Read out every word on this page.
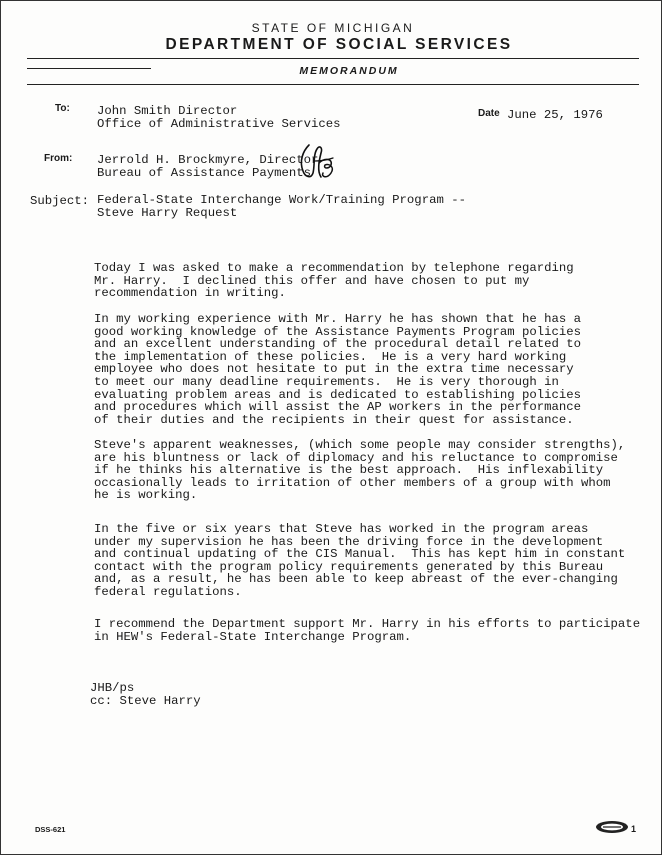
STATE OF MICHIGAN
DEPARTMENT OF SOCIAL SERVICES
MEMORANDUM
To: John Smith Director
Office of Administrative Services
Date June 25, 1976
From: Jerrold H. Brockmyre, Director
Bureau of Assistance Payments
Subject: Federal-State Interchange Work/Training Program --
Steve Harry Request
Today I was asked to make a recommendation by telephone regarding
Mr. Harry.  I declined this offer and have chosen to put my
recommendation in writing.
In my working experience with Mr. Harry he has shown that he has a
good working knowledge of the Assistance Payments Program policies
and an excellent understanding of the procedural detail related to
the implementation of these policies.  He is a very hard working
employee who does not hesitate to put in the extra time necessary
to meet our many deadline requirements.  He is very thorough in
evaluating problem areas and is dedicated to establishing policies
and procedures which will assist the AP workers in the performance
of their duties and the recipients in their quest for assistance.
Steve's apparent weaknesses, (which some people may consider strengths),
are his bluntness or lack of diplomacy and his reluctance to compromise
if he thinks his alternative is the best approach.  His inflexability
occasionally leads to irritation of other members of a group with whom
he is working.
In the five or six years that Steve has worked in the program areas
under my supervision he has been the driving force in the development
and continual updating of the CIS Manual.  This has kept him in constant
contact with the program policy requirements generated by this Bureau
and, as a result, he has been able to keep abreast of the ever-changing
federal regulations.
I recommend the Department support Mr. Harry in his efforts to participate
in HEW's Federal-State Interchange Program.
JHB/ps
cc: Steve Harry
DSS-621	1
